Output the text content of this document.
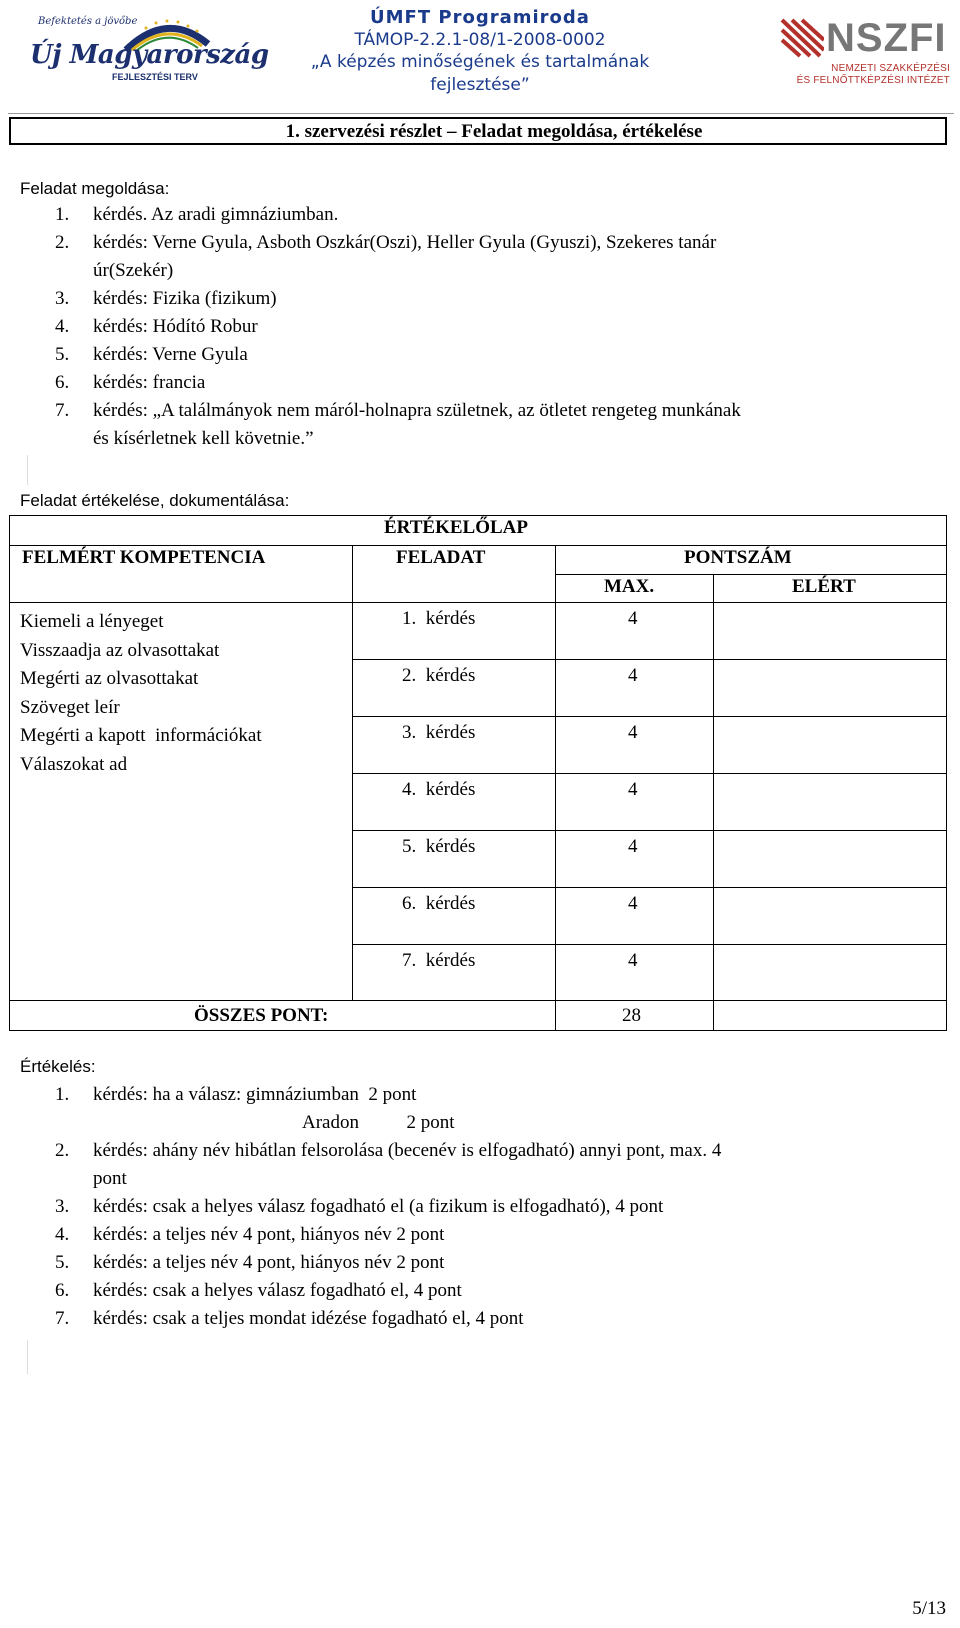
Befektetés a jövőbe
Új Magyarország
FEJLESZTÉSI TERV
ÚMFT Programiroda
TÁMOP-2.2.1-08/1-2008-0002
„A képzés minőségének és tartalmának
fejlesztése”
NSZFI
NEMZETI SZAKKÉPZÉSI
ÉS FELNŐTTKÉPZÉSI INTÉZET
1. szervezési részlet – Feladat megoldása, értékelése
Feladat megoldása:
1. kérdés. Az aradi gimnáziumban.
2. kérdés: Verne Gyula, Asboth Oszkár(Oszi), Heller Gyula (Gyuszi), Szekeres tanár
úr(Szekér)
3. kérdés: Fizika (fizikum)
4. kérdés: Hódító Robur
5. kérdés: Verne Gyula
6. kérdés: francia
7. kérdés: „A találmányok nem máról-holnapra születnek, az ötletet rengeteg munkának
és kísérletnek kell követnie.”
Feladat értékelése, dokumentálása:
ÉRTÉKELŐLAP
FELMÉRT KOMPETENCIA	FELADAT	PONTSZÁM
MAX.	ELÉRT
Kiemeli a lényeget
Visszaadja az olvasottakat
Megérti az olvasottakat
Szöveget leír
Megérti a kapott  információkat
Válaszokat ad
1.  kérdés	4
2.  kérdés	4
3.  kérdés	4
4.  kérdés	4
5.  kérdés	4
6.  kérdés	4
7.  kérdés	4
ÖSSZES PONT:	28
Értékelés:
1. kérdés: ha a válasz: gimnáziumban  2 pont
Aradon          2 pont
2. kérdés: ahány név hibátlan felsorolása (becenév is elfogadható) annyi pont, max. 4
pont
3. kérdés: csak a helyes válasz fogadható el (a fizikum is elfogadható), 4 pont
4. kérdés: a teljes név 4 pont, hiányos név 2 pont
5. kérdés: a teljes név 4 pont, hiányos név 2 pont
6. kérdés: csak a helyes válasz fogadható el, 4 pont
7. kérdés: csak a teljes mondat idézése fogadható el, 4 pont
5/13
